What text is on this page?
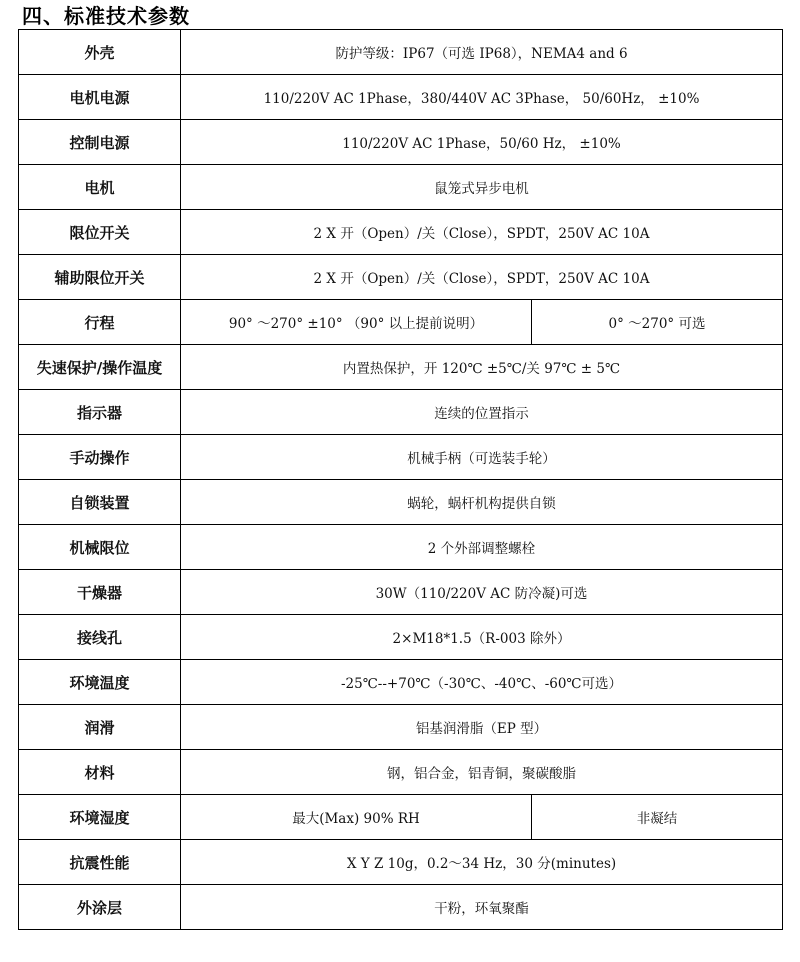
四、标准技术参数
外壳	防护等级：IP67（可选 IP68），NEMA4 and 6	
电机电源	110/220V AC 1Phase，380/440V AC 3Phase， 50/60Hz， ±10%	
控制电源	110/220V AC 1Phase，50/60 Hz， ±10%	
电机	鼠笼式异步电机	
限位开关	2 X 开（Open）/关（Close），SPDT，250V AC 10A	
辅助限位开关	2 X 开（Open）/关（Close），SPDT，250V AC 10A	
行程	90° ～270° ±10° （90° 以上提前说明）	0° ～270° 可选
失速保护/操作温度	内置热保护，开 120℃ ±5℃/关 97℃ ± 5℃	
指示器	连续的位置指示	
手动操作	机械手柄（可选装手轮）	
自锁装置	蜗轮，蜗杆机构提供自锁	
机械限位	2 个外部调整螺栓	
干燥器	30W（110/220V AC 防冷凝)可选	
接线孔	2×M18*1.5（R-003 除外）	
环境温度	-25℃--+70℃（-30℃、-40℃、-60℃可选）	
润滑	铝基润滑脂（EP 型）	
材料	钢，铝合金，铝青铜，聚碳酸脂	
环境湿度	最大(Max) 90% RH	非凝结
抗震性能	X Y Z 10g，0.2～34 Hz，30 分(minutes)	
外涂层	干粉，环氧聚酯	
